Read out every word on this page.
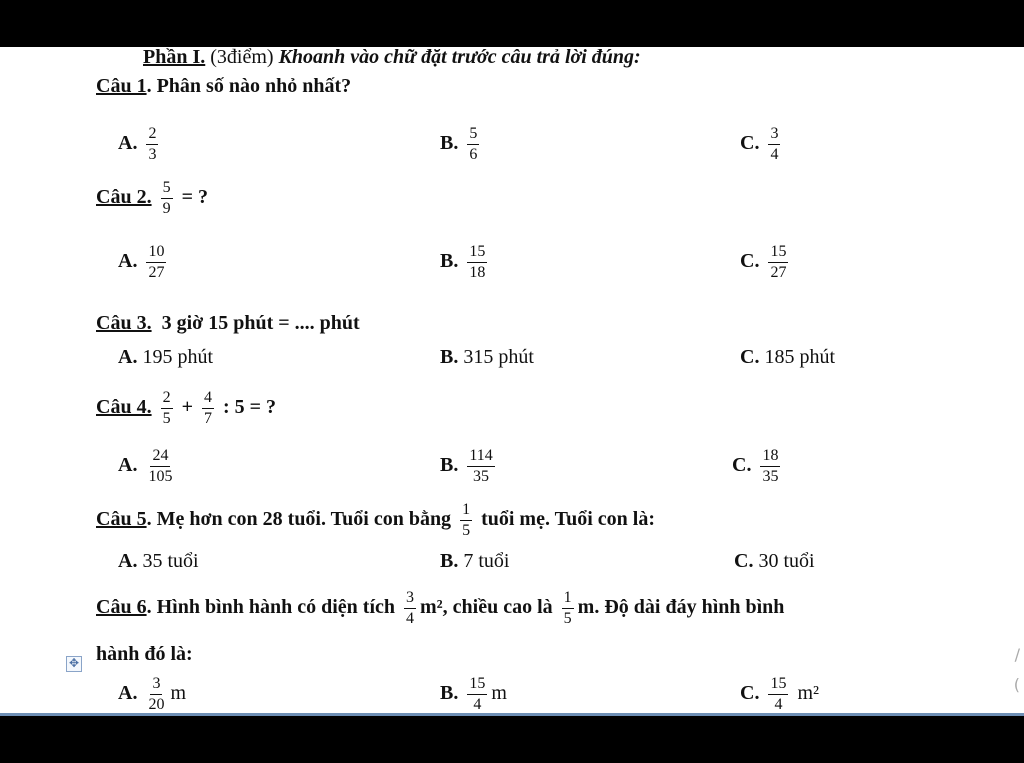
Phần I. (3điểm) Khoanh vào chữ đặt trước câu trả lời đúng:
Câu 1. Phân số nào nhỏ nhất?
A. $\frac{2}{3}$	B. $\frac{5}{6}$	C. $\frac{3}{4}$
Câu 2. $\frac{5}{9}$ = ?
A. $\frac{10}{27}$	B. $\frac{15}{18}$	C. $\frac{15}{27}$
Câu 3. 3 giờ 15 phút = .... phút
A. 195 phút	B. 315 phút	C. 185 phút
Câu 4. $\frac{2}{5} + \frac{4}{7}$ : 5 = ?
A. $\frac{24}{105}$	B. $\frac{114}{35}$	C. $\frac{18}{35}$
Câu 5. Mẹ hơn con 28 tuổi. Tuổi con bằng $\frac{1}{5}$ tuổi mẹ. Tuổi con là:
A. 35 tuổi	B. 7 tuổi	C. 30 tuổi
Câu 6. Hình bình hành có diện tích $\frac{3}{4} m^2$, chiều cao là $\frac{1}{5} m$. Độ dài đáy hình bình
hành đó là:
A. $\frac{3}{20}$ m	B. $\frac{15}{4}$ m	C. $\frac{15}{4} m^2$
/
(
✥
